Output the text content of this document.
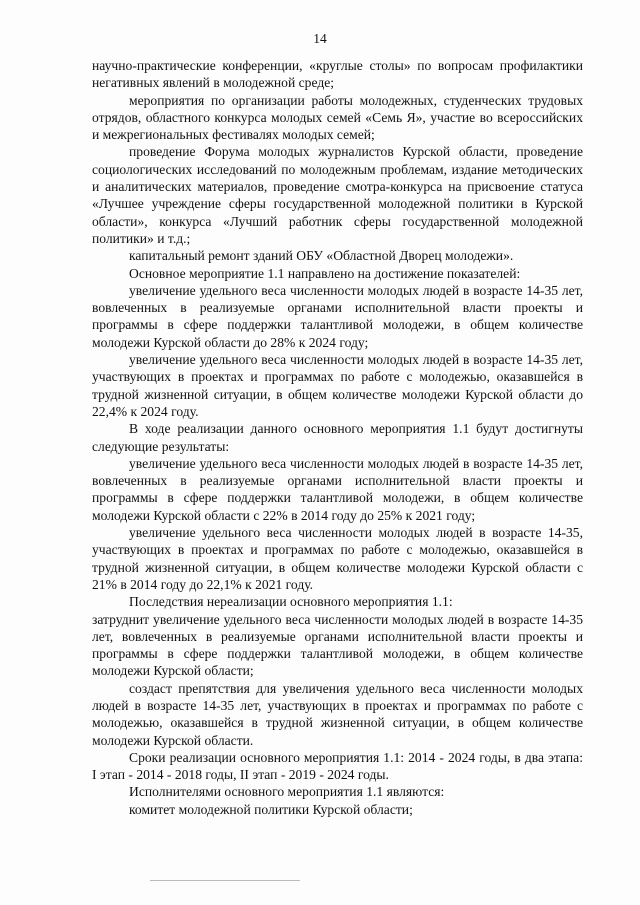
14

научно-практические конференции, «круглые столы» по вопросам профилактики негативных явлений в молодежной среде;

мероприятия по организации работы молодежных, студенческих трудовых отрядов, областного конкурса молодых семей «Семь Я», участие во всероссийских и межрегиональных фестивалях молодых семей;

проведение Форума молодых журналистов Курской области, проведение социологических исследований по молодежным проблемам, издание методических и аналитических материалов, проведение смотра-конкурса на присвоение статуса «Лучшее учреждение сферы государственной молодежной политики в Курской области», конкурса «Лучший работник сферы государственной молодежной политики» и т.д.;

капитальный ремонт зданий ОБУ «Областной Дворец молодежи».

Основное мероприятие 1.1 направлено на достижение показателей:

увеличение удельного веса численности молодых людей в возрасте 14-35 лет, вовлеченных в реализуемые органами исполнительной власти проекты и программы в сфере поддержки талантливой молодежи, в общем количестве молодежи Курской области до 28% к 2024 году;

увеличение удельного веса численности молодых людей в возрасте 14-35 лет, участвующих в проектах и программах по работе с молодежью, оказавшейся в трудной жизненной ситуации, в общем количестве молодежи Курской области до 22,4% к 2024 году.

В ходе реализации данного основного мероприятия 1.1 будут достигнуты следующие результаты:

увеличение удельного веса численности молодых людей в возрасте 14-35 лет, вовлеченных в реализуемые органами исполнительной власти проекты и программы в сфере поддержки талантливой молодежи, в общем количестве молодежи Курской области с 22% в 2014 году до 25% к 2021 году;

увеличение удельного веса численности молодых людей в возрасте 14-35, участвующих в проектах и программах по работе с молодежью, оказавшейся в трудной жизненной ситуации, в общем количестве молодежи Курской области с 21% в 2014 году до 22,1% к 2021 году.

Последствия нереализации основного мероприятия 1.1:

затруднит увеличение удельного веса численности молодых людей в возрасте 14-35 лет, вовлеченных в реализуемые органами исполнительной власти проекты и программы в сфере поддержки талантливой молодежи, в общем количестве молодежи Курской области;

создаст препятствия для увеличения удельного веса численности молодых людей в возрасте 14-35 лет, участвующих в проектах и программах по работе с молодежью, оказавшейся в трудной жизненной ситуации, в общем количестве молодежи Курской области.

Сроки реализации основного мероприятия 1.1: 2014 - 2024 годы, в два этапа: I этап - 2014 - 2018 годы, II этап - 2019 - 2024 годы.

Исполнителями основного мероприятия 1.1 являются:

комитет молодежной политики Курской области;
